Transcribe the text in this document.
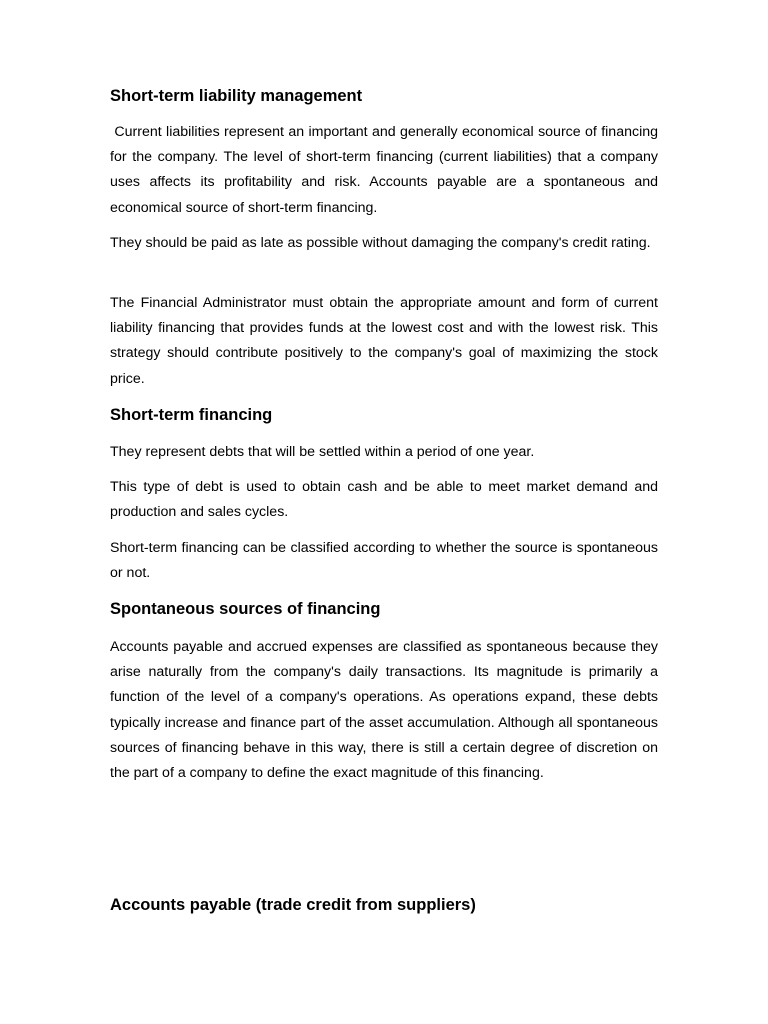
Short-term liability management

Current liabilities represent an important and generally economical source of financing for the company. The level of short-term financing (current liabilities) that a company uses affects its profitability and risk. Accounts payable are a spontaneous and economical source of short-term financing.

They should be paid as late as possible without damaging the company's credit rating.

The Financial Administrator must obtain the appropriate amount and form of current liability financing that provides funds at the lowest cost and with the lowest risk. This strategy should contribute positively to the company's goal of maximizing the stock price.

Short-term financing

They represent debts that will be settled within a period of one year.

This type of debt is used to obtain cash and be able to meet market demand and production and sales cycles.

Short-term financing can be classified according to whether the source is spontaneous or not.

Spontaneous sources of financing

Accounts payable and accrued expenses are classified as spontaneous because they arise naturally from the company's daily transactions. Its magnitude is primarily a function of the level of a company's operations. As operations expand, these debts typically increase and finance part of the asset accumulation. Although all spontaneous sources of financing behave in this way, there is still a certain degree of discretion on the part of a company to define the exact magnitude of this financing.

Accounts payable (trade credit from suppliers)
